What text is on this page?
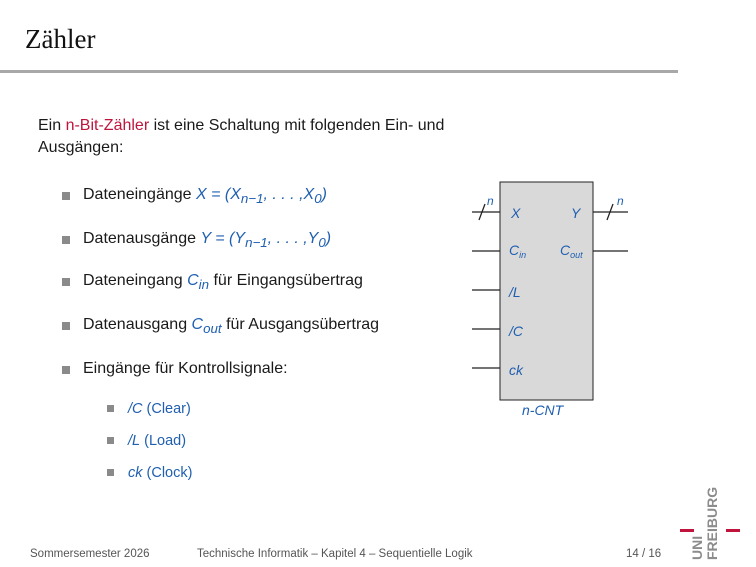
Zähler
Ein n-Bit-Zähler ist eine Schaltung mit folgenden Ein- und Ausgängen:
Dateneingänge $X = (X_{n-1}$, . . . $,X_0$)
Datenausgänge $Y = (Y_{n-1}$, . . . $,Y_0$)
Dateneingang $C_{in}$ für Eingangsübertrag
Datenausgang $C_{out}$ für Ausgangsübertrag
Eingänge für Kontrollsignale:
/C (Clear)
/L (Load)
ck (Clock)
n	n
X	Y
$C_{in}$ $C_{out}$
/L
/C
ck
n-CNT
Sommersemester 2026	Technische Informatik – Kapitel 4 – Sequentielle Logik	14 / 16 UNI FREIBURG
